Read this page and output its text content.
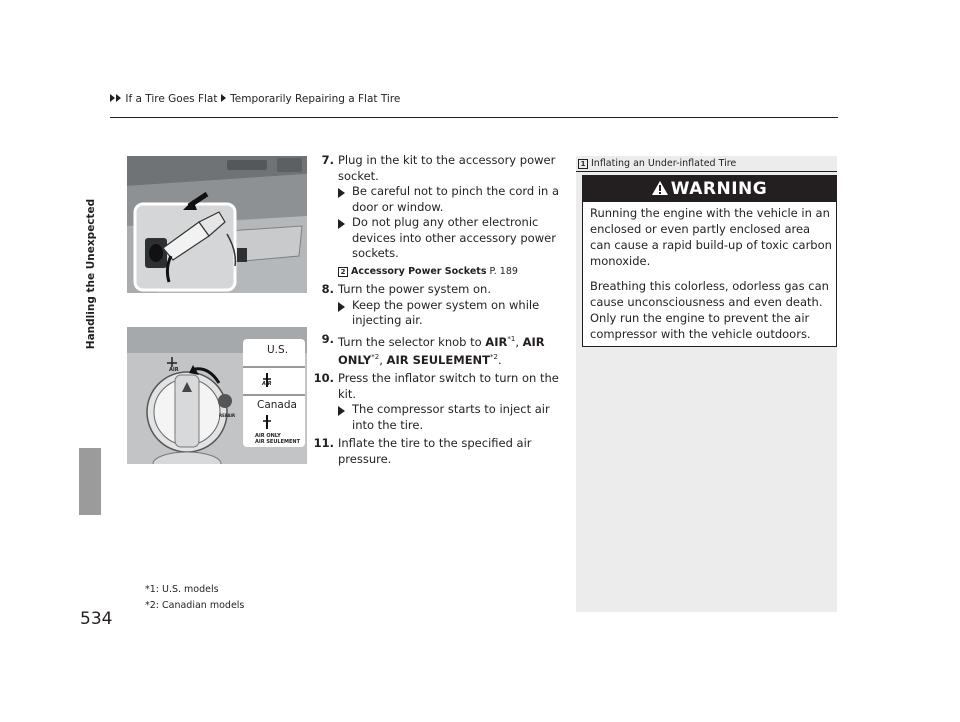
If a Tire Goes Flat Temporarily Repairing a Flat Tire
Handling the Unexpected
534
U.S.
Canada
AIR
AIR
REPAIR
AIR ONLY
AIR SEULEMENT
7. Plug in the kit to the accessory power socket.
Be careful not to pinch the cord in a door or window.
Do not plug any other electronic devices into other accessory power sockets.
2 Accessory Power Sockets P. 189
8. Turn the power system on.
Keep the power system on while injecting air.
9. Turn the selector knob to AIR$^{*1}$, AIR ONLY$^{*2}$, AIR SEULEMENT$^{*2}$.
10. Press the inflator switch to turn on the kit.
The compressor starts to inject air into the tire.
11. Inflate the tire to the specified air pressure.
1 Inflating an Under-inflated Tire
WARNING

Running the engine with the vehicle in an enclosed or even partly enclosed area can cause a rapid build-up of toxic carbon monoxide.

Breathing this colorless, odorless gas can cause unconsciousness and even death. Only run the engine to prevent the air compressor with the vehicle outdoors.

*1: U.S. models
*2: Canadian models
